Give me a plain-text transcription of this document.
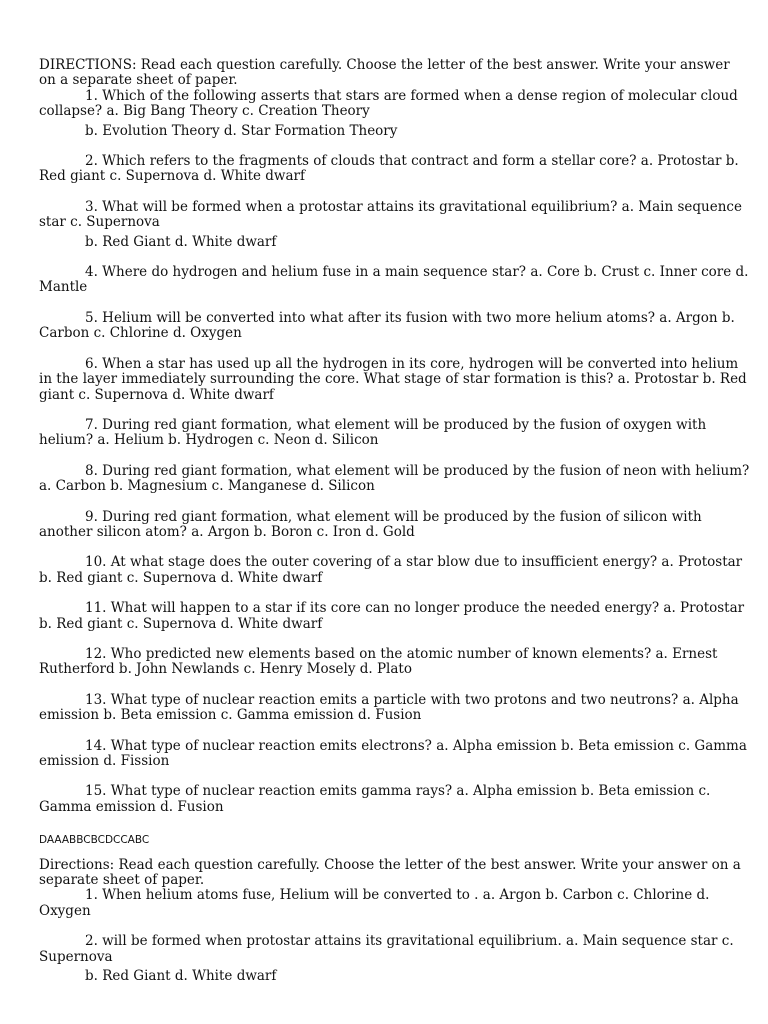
DIRECTIONS: Read each question carefully. Choose the letter of the best answer. Write your answer on a separate sheet of paper.

1. Which of the following asserts that stars are formed when a dense region of molecular cloud collapse? a. Big Bang Theory c. Creation Theory

b. Evolution Theory d. Star Formation Theory

2. Which refers to the fragments of clouds that contract and form a stellar core? a. Protostar b. Red giant c. Supernova d. White dwarf

3. What will be formed when a protostar attains its gravitational equilibrium? a. Main sequence star c. Supernova

b. Red Giant d. White dwarf

4. Where do hydrogen and helium fuse in a main sequence star? a. Core b. Crust c. Inner core d. Mantle

5. Helium will be converted into what after its fusion with two more helium atoms? a. Argon b. Carbon c. Chlorine d. Oxygen

6. When a star has used up all the hydrogen in its core, hydrogen will be converted into helium in the layer immediately surrounding the core. What stage of star formation is this? a. Protostar b. Red giant c. Supernova d. White dwarf

7. During red giant formation, what element will be produced by the fusion of oxygen with helium? a. Helium b. Hydrogen c. Neon d. Silicon

8. During red giant formation, what element will be produced by the fusion of neon with helium? a. Carbon b. Magnesium c. Manganese d. Silicon

9. During red giant formation, what element will be produced by the fusion of silicon with another silicon atom? a. Argon b. Boron c. Iron d. Gold

10. At what stage does the outer covering of a star blow due to insufficient energy? a. Protostar b. Red giant c. Supernova d. White dwarf

11. What will happen to a star if its core can no longer produce the needed energy? a. Protostar b. Red giant c. Supernova d. White dwarf

12. Who predicted new elements based on the atomic number of known elements? a. Ernest Rutherford b. John Newlands c. Henry Mosely d. Plato

13. What type of nuclear reaction emits a particle with two protons and two neutrons? a. Alpha emission b. Beta emission c. Gamma emission d. Fusion

14. What type of nuclear reaction emits electrons? a. Alpha emission b. Beta emission c. Gamma emission d. Fission

15. What type of nuclear reaction emits gamma rays? a. Alpha emission b. Beta emission c. Gamma emission d. Fusion

DAAABBCBCDCCABC

Directions: Read each question carefully. Choose the letter of the best answer. Write your answer on a separate sheet of paper.

1. When helium atoms fuse, Helium will be converted to . a. Argon b. Carbon c. Chlorine d. Oxygen

2. will be formed when protostar attains its gravitational equilibrium. a. Main sequence star c. Supernova

b. Red Giant d. White dwarf
